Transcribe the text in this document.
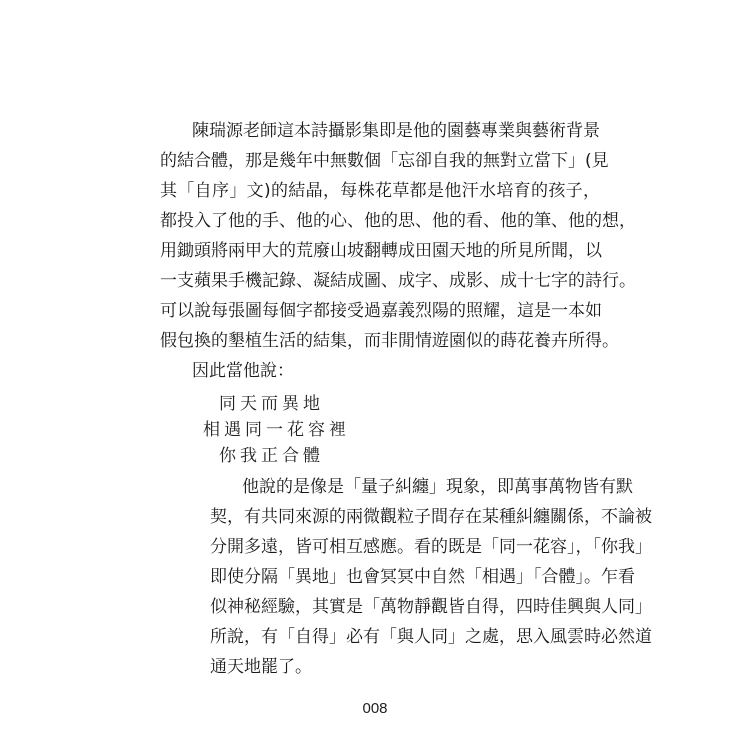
陳瑞源老師這本詩攝影集即是他的園藝專業與藝術背景
的結合體，那是幾年中無數個「忘卻自我的無對立當下」(見
其「自序」文)的結晶，每株花草都是他汗水培育的孩子，
都投入了他的手、他的心、他的思、他的看、他的筆、他的想，
用鋤頭將兩甲大的荒廢山坡翻轉成田園天地的所見所聞，以
一支蘋果手機記錄、凝結成圖、成字、成影、成十七字的詩行。
可以說每張圖每個字都接受過嘉義烈陽的照耀，這是一本如
假包換的墾植生活的結集，而非閒情遊園似的蒔花養卉所得。
因此當他說：
同天而異地
相遇同一花容裡
你我正合體
他說的是像是「量子糾纏」現象，即萬事萬物皆有默
契，有共同來源的兩微觀粒子間存在某種糾纏關係，不論被
分開多遠，皆可相互感應。看的既是「同一花容」，「你我」
即使分隔「異地」也會冥冥中自然「相遇」「合體」。乍看
似神秘經驗，其實是「萬物靜觀皆自得，四時佳興與人同」
所說，有「自得」必有「與人同」之處，思入風雲時必然道
通天地罷了。
008
